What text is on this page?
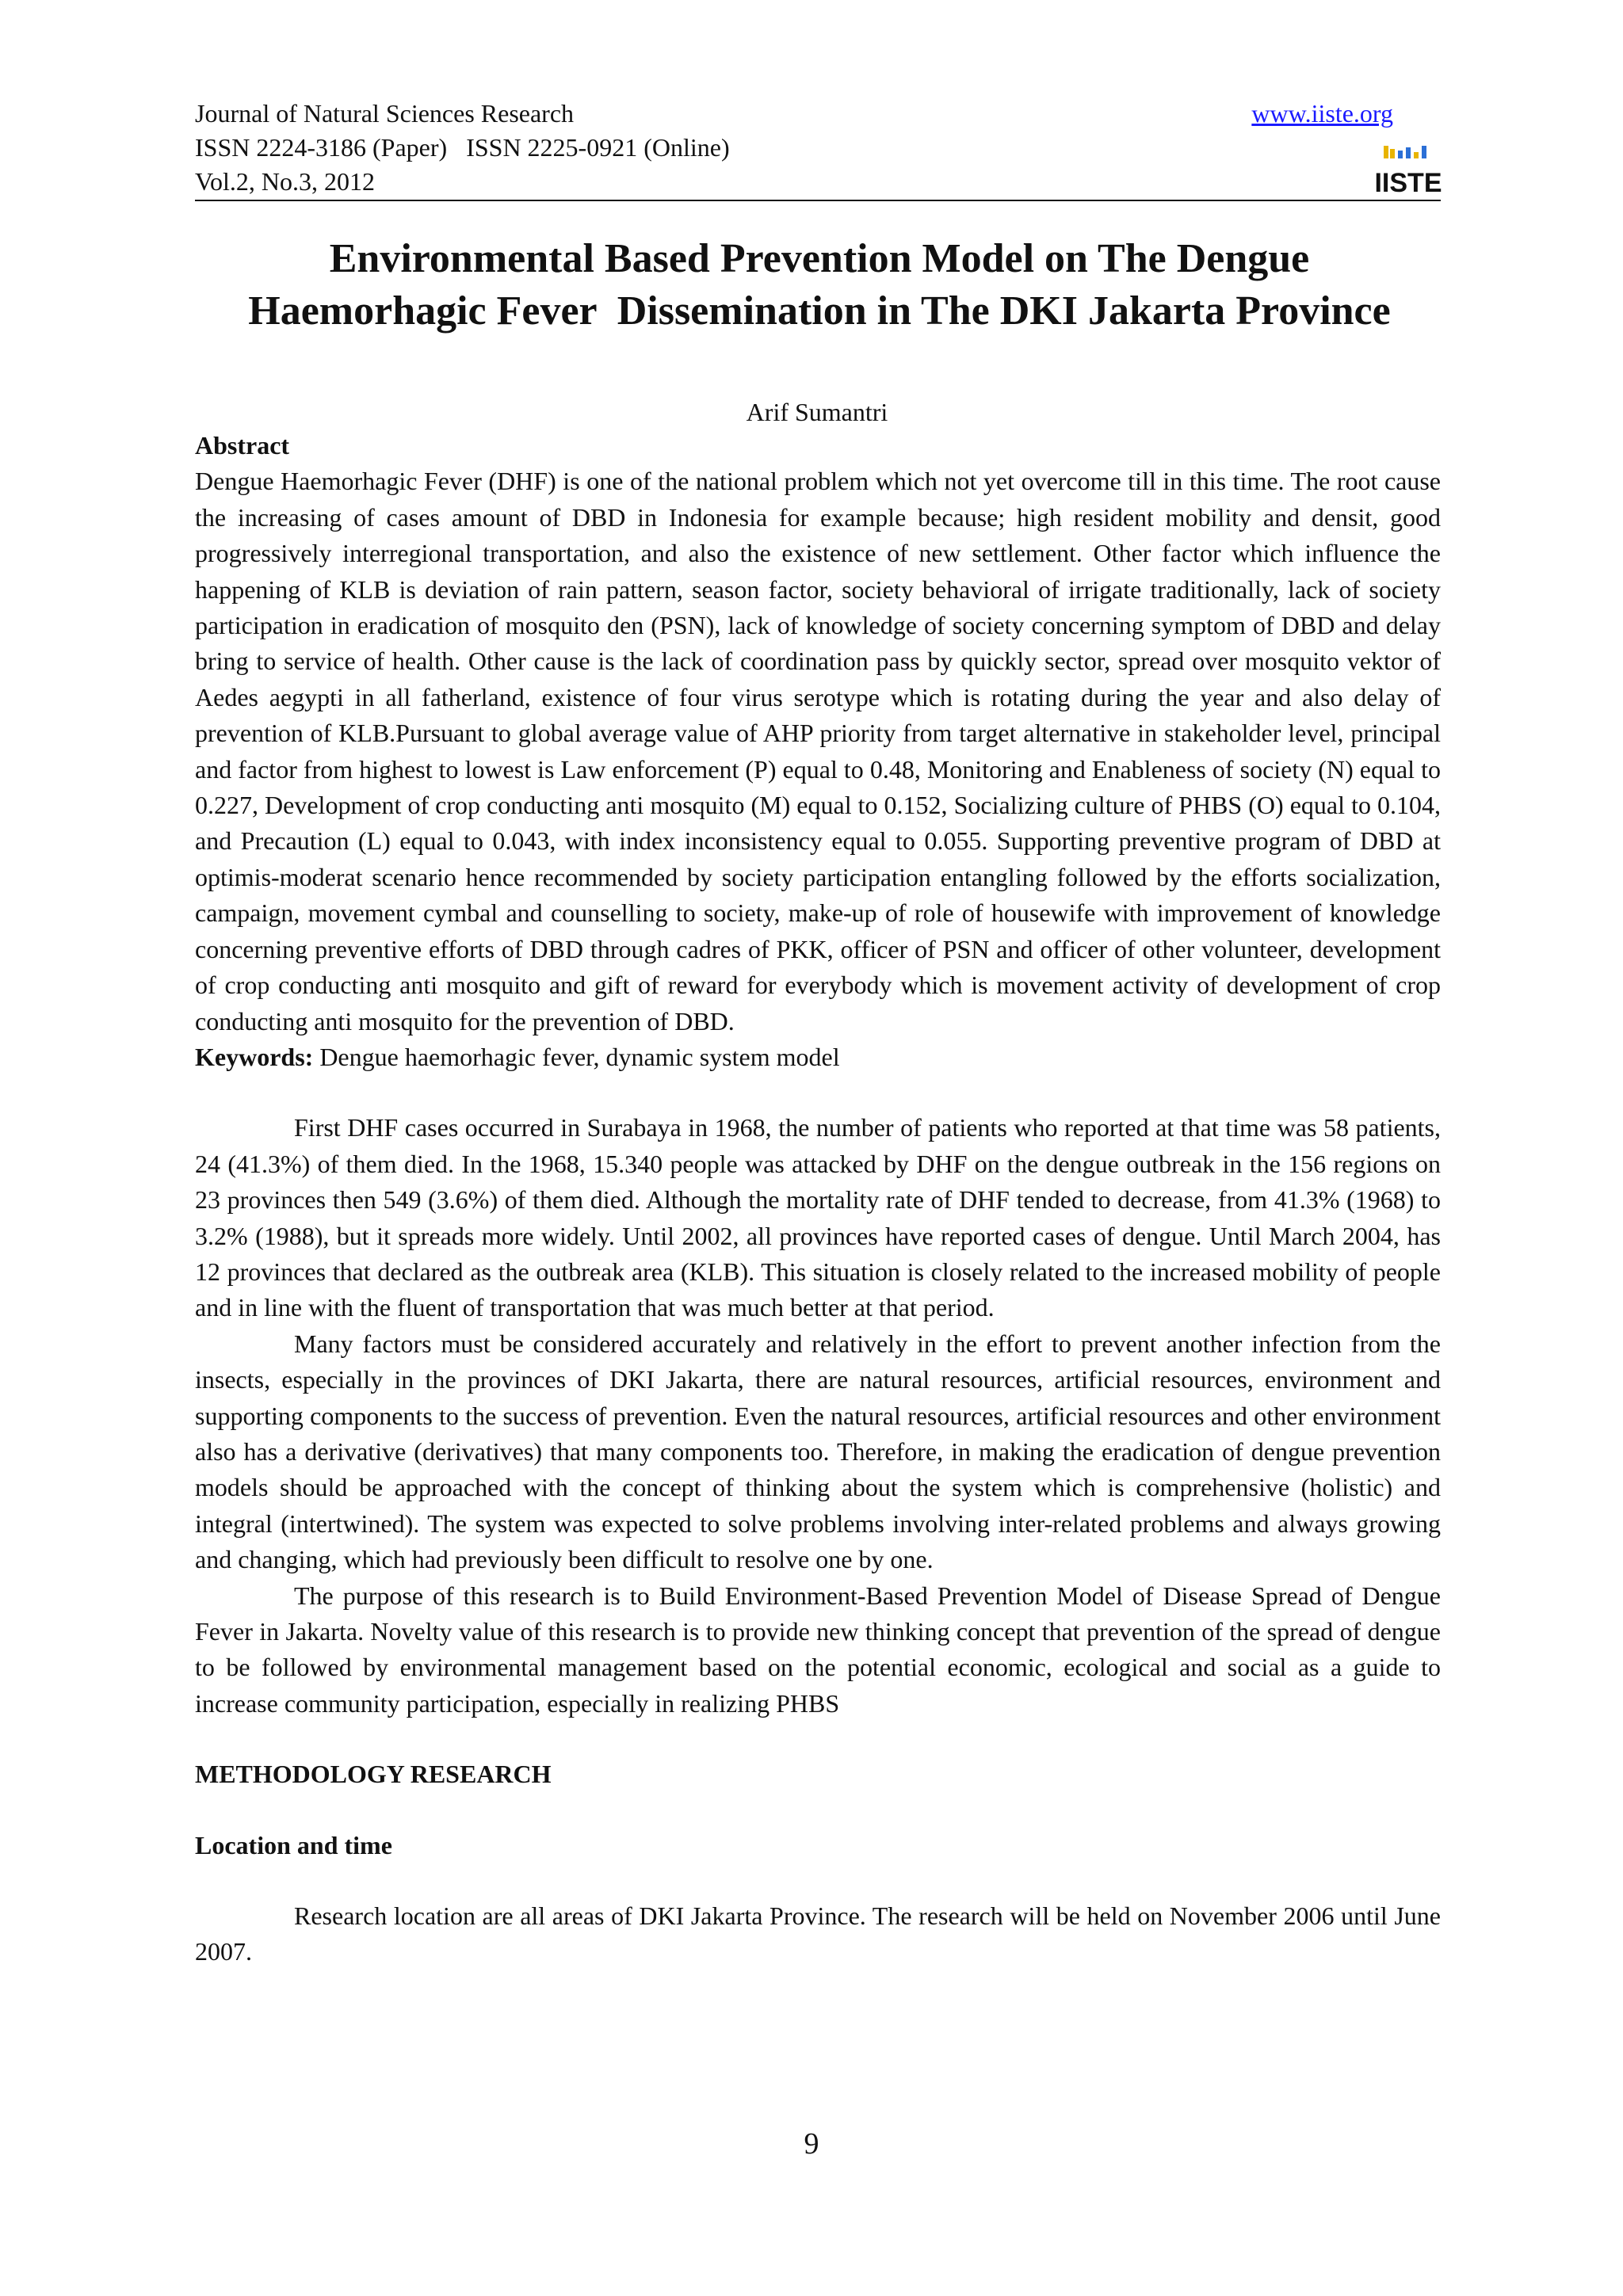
Journal of Natural Sciences Research
ISSN 2224-3186 (Paper)   ISSN 2225-0921 (Online)
Vol.2, No.3, 2012
www.iiste.org
IISTE
Environmental Based Prevention Model on The Dengue
Haemorhagic Fever  Dissemination in The DKI Jakarta Province
Arif Sumantri

Abstract

Dengue Haemorhagic Fever (DHF) is one of the national problem which not yet overcome till in this time. The root cause the increasing of cases amount of DBD in Indonesia for example because; high resident mobility and densit, good progressively interregional transportation, and also the existence of new settlement. Other factor which influence the happening of KLB is deviation of rain pattern, season factor, society behavioral of irrigate traditionally, lack of society participation in eradication of mosquito den (PSN), lack of knowledge of society concerning symptom of DBD and delay bring to service of health. Other cause is the lack of coordination pass by quickly sector, spread over mosquito vektor of Aedes aegypti in all fatherland, existence of four virus serotype which is rotating during the year and also delay of prevention of KLB.Pursuant to global average value of AHP priority from target alternative in stakeholder level, principal and factor from highest to lowest is Law enforcement (P) equal to 0.48, Monitoring and Enableness of society (N) equal to 0.227, Development of crop conducting anti mosquito (M) equal to 0.152, Socializing culture of PHBS (O) equal to 0.104, and Precaution (L) equal to 0.043, with index inconsistency equal to 0.055. Supporting preventive program of DBD at optimis-moderat scenario hence recommended by society participation entangling followed by the efforts socialization, campaign, movement cymbal and counselling to society, make-up of role of housewife with improvement of knowledge concerning preventive efforts of DBD through cadres of PKK, officer of PSN and officer of other volunteer, development of crop conducting anti mosquito and gift of reward for everybody which is movement activity of development of crop conducting anti mosquito for the prevention of DBD.

Keywords: Dengue haemorhagic fever, dynamic system model

First DHF cases occurred in Surabaya in 1968, the number of patients who reported at that time was 58 patients, 24 (41.3%) of them died. In the 1968, 15.340 people was attacked by DHF on the dengue outbreak in the 156 regions on 23 provinces then 549 (3.6%) of them died. Although the mortality rate of DHF tended to decrease, from 41.3% (1968) to 3.2% (1988), but it spreads more widely. Until 2002, all provinces have reported cases of dengue. Until March 2004, has 12 provinces that declared as the outbreak area (KLB). This situation is closely related to the increased mobility of people and in line with the fluent of transportation that was much better at that period.

Many factors must be considered accurately and relatively in the effort to prevent another infection from the insects, especially in the provinces of DKI Jakarta, there are natural resources, artificial resources, environment and supporting components to the success of prevention. Even the natural resources, artificial resources and other environment also has a derivative (derivatives) that many components too. Therefore, in making the eradication of dengue prevention models should be approached with the concept of thinking about the system which is comprehensive (holistic) and integral (intertwined). The system was expected to solve problems involving inter-related problems and always growing and changing, which had previously been difficult to resolve one by one.

The purpose of this research is to Build Environment-Based Prevention Model of Disease Spread of Dengue Fever in Jakarta. Novelty value of this research is to provide new thinking concept that prevention of the spread of dengue to be followed by environmental management based on the potential economic, ecological and social as a guide to increase community participation, especially in realizing PHBS

METHODOLOGY RESEARCH

Location and time

Research location are all areas of DKI Jakarta Province. The research will be held on November 2006 until June 2007.

9
